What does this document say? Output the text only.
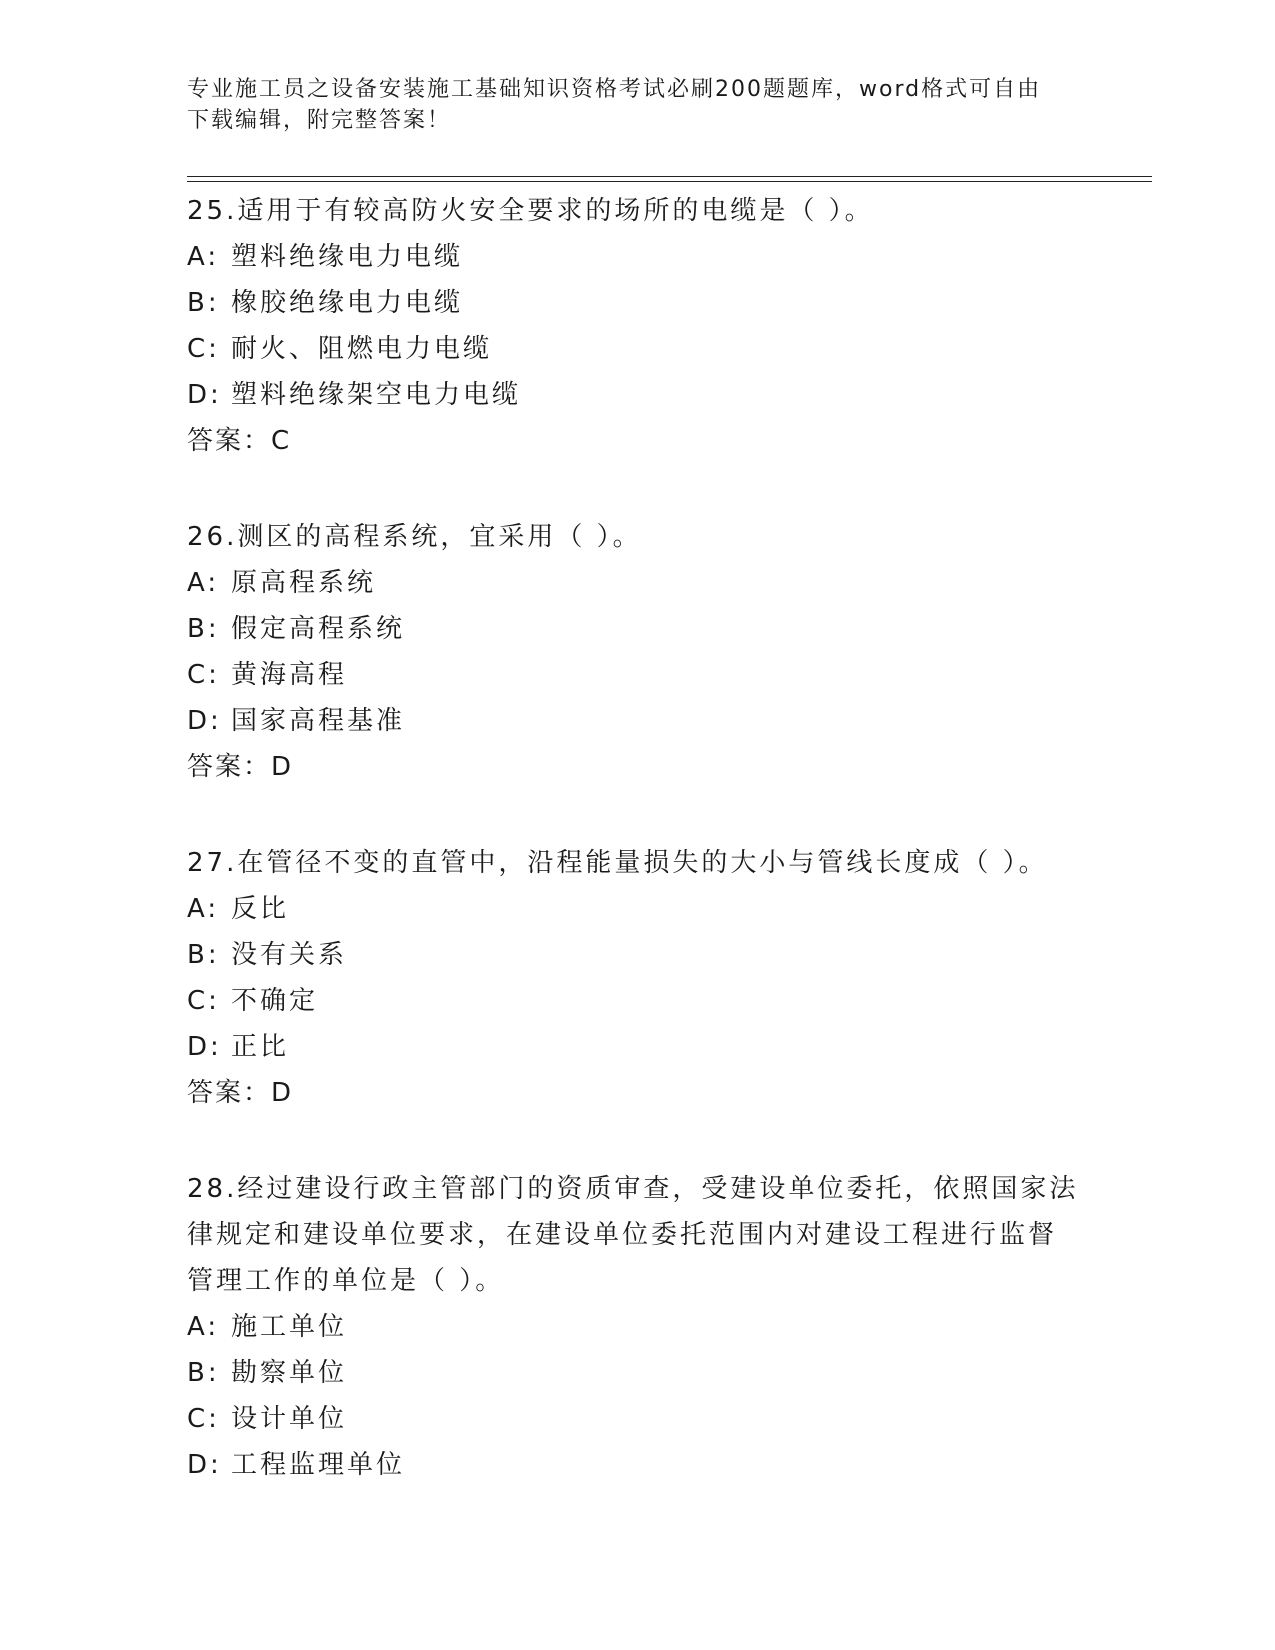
专业施工员之设备安装施工基础知识资格考试必刷200题题库，word格式可自由
下载编辑，附完整答案！

25.适用于有较高防火安全要求的场所的电缆是（ ）。

A: 塑料绝缘电力电缆

B: 橡胶绝缘电力电缆

C: 耐火、阻燃电力电缆

D: 塑料绝缘架空电力电缆

答案：C

26.测区的高程系统，宜采用（ ）。

A: 原高程系统

B: 假定高程系统

C: 黄海高程

D: 国家高程基准

答案：D

27.在管径不变的直管中，沿程能量损失的大小与管线长度成（ ）。

A: 反比

B: 没有关系

C: 不确定

D: 正比

答案：D

28.经过建设行政主管部门的资质审查，受建设单位委托，依照国家法

律规定和建设单位要求，在建设单位委托范围内对建设工程进行监督

管理工作的单位是（ ）。

A: 施工单位

B: 勘察单位

C: 设计单位

D: 工程监理单位
